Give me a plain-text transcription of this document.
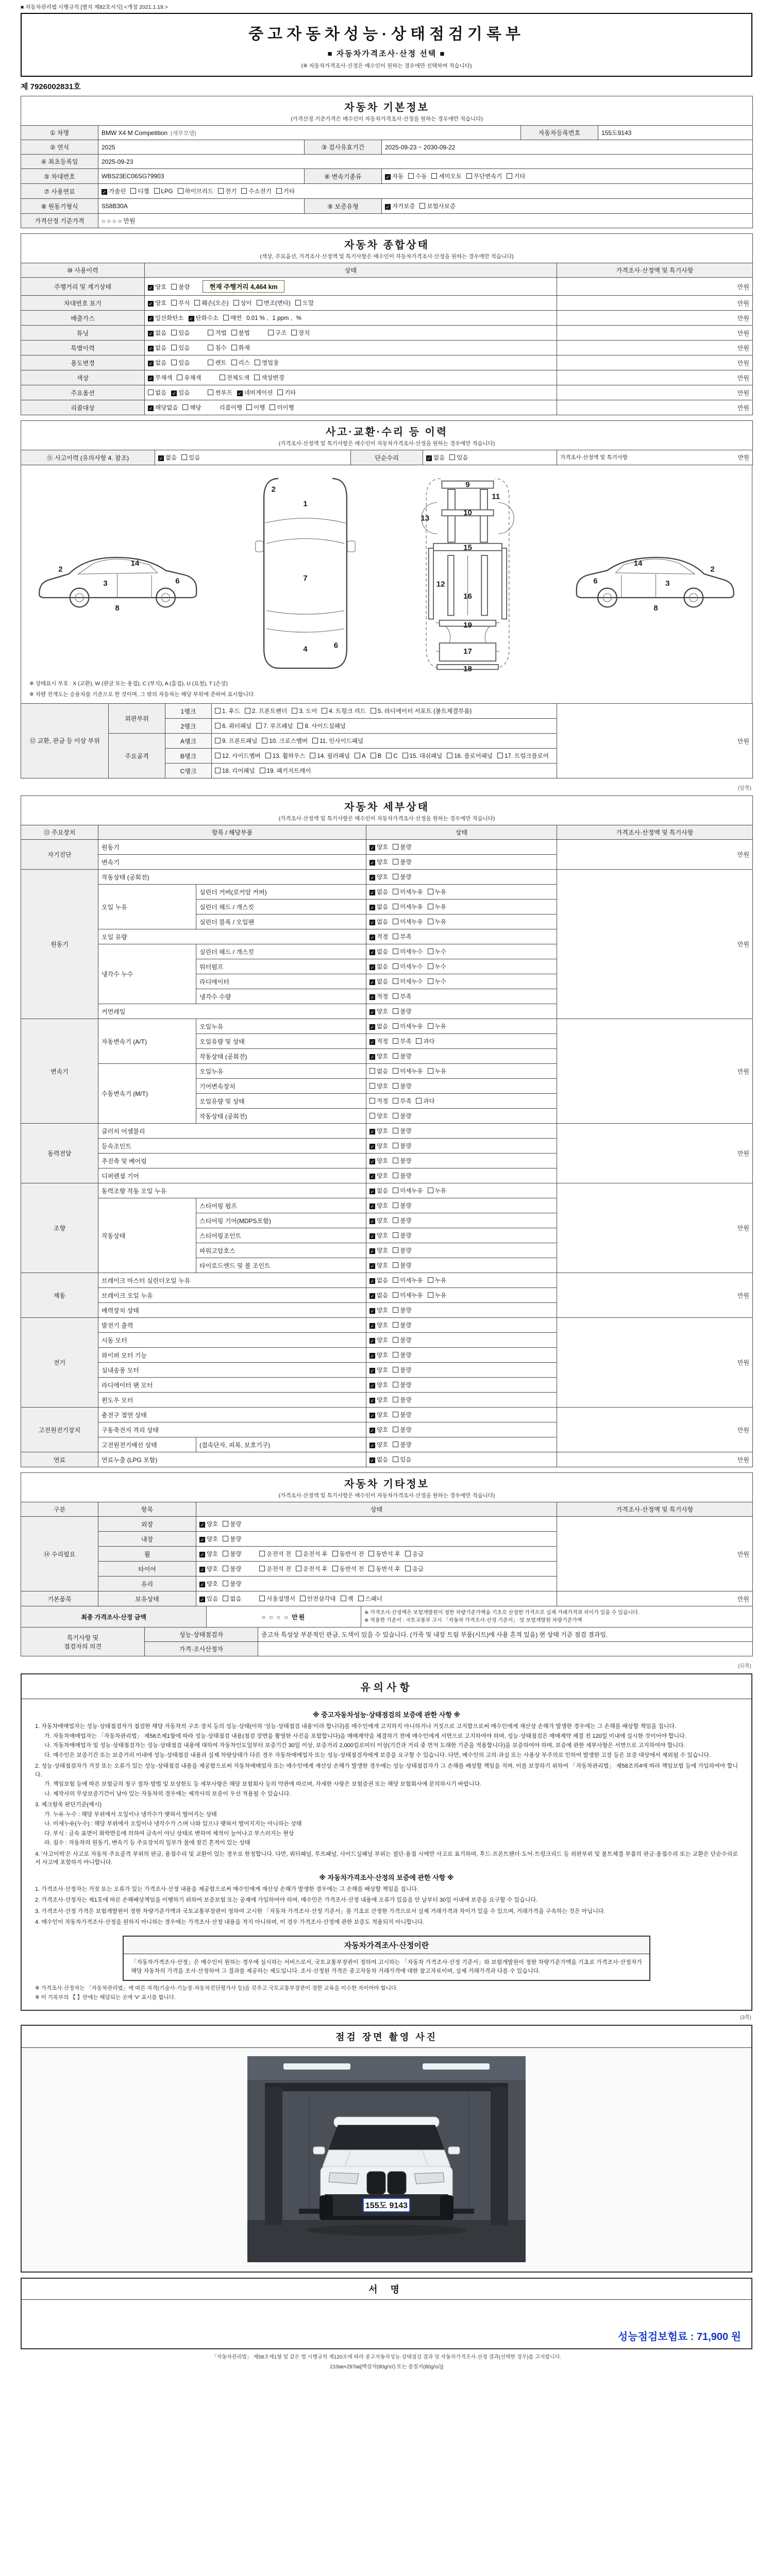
■ 자동차관리법 시행규칙 [별지 제82호서식] <개정 2021.1.19.>
중고자동차성능·상태점검기록부
■ 자동차가격조사·산정 선택 ■
(※ 자동차가격조사·산정은 매수인이 원하는 경우에만 선택하여 적습니다)
제 7926002831호
자동차 기본정보
(가격산정 기준가격은 매수인이 자동차가격조사·산정을 원하는 경우에만 적습니다)					

① 차명	BMW X4 M Competition (세부모델)			자동차등록번호	155도9143
② 연식	2025	③ 검사유효기간	2025-09-23 ~ 2030-09-22		
④ 최초등록일	2025-09-23				
⑤ 차대번호	WBS23EC06SG79903	⑥ 변속기종류	✓ 자동 수동 세미오토 무단변속기 기타		
⑦ 사용연료	✓ 가솔린 디젤 LPG 하이브리드 전기 수소전기 기타				
⑧ 원동기형식	S58B30A	⑨ 보증유형	✓ 자가보증 보험사보증		
가격산정 기준가격	○ ○ ○ ○ 만원				
자동차 종합상태
(색상, 주요옵션, 가격조사·산정액 및 특기사항은 매수인이 자동차가격조사·산정을 원하는 경우에만 적습니다)		

⑩ 사용이력	상태	가격조사·산정액 및 특기사항
주행거리 및 계기상태	✓ 양호 불량 현재 주행거리 4,464 km	만원
차대번호 표기	✓ 양호 부식 훼손(오손) 상이 변조(변타) 도말	만원
배출가스	✓ 일산화탄소 ✓ 탄화수소 매연 0.01 % , 1 ppm , %	만원
튜닝	✓ 없음 있음 적법 불법 구조 장치	만원
특별이력	✓ 없음 있음 침수 화재	만원
용도변경	✓ 없음 있음 렌트 리스 영업용	만원
색상	✓ 무채색 유채색 전체도색 색상변경	만원
주요옵션	없음 ✓ 있음 썬루프 ✓ 네비게이션 기타	만원
리콜대상	✓ 해당없음 해당 리콜이행 이행 미이행	만원
사고·교환·수리 등 이력
(가격조사·산정액 및 특기사항은 매수인이 자동차가격조사·산정을 원하는 경우에만 적습니다)

⑪ 사고이력 (유의사항 4. 참조)	✓ 없음 있음	단순수리	✓ 없음 있음	가격조사·산정액 및 특기사항	만원
2
3	6
8
14
1
2
7
4	6
9
10
11
13
15
12
16
19
17
18
2
3
6
8
14
※ 상태표시 부호 : X (교환), W (판금 또는 용접), C (부식), A (흠집), U (요철), T (손상)
※ 차량 전개도는 승용차를 기준으로 한 것이며, 그 밖의 자동차는 해당 부위에 준하여 표시합니다.
⑫ 교환, 판금 등 이상 부위	외판부위	1랭크	1. 후드 2. 프론트펜더 3. 도어 4. 트렁크 리드 5. 라디에이터 서포트 (볼트체결부품)	만원
		2랭크	6. 쿼터패널 7. 루프패널 8. 사이드실패널	
	주요골격	A랭크	9. 프론트패널 10. 크로스멤버 11. 인사이드패널	
		B랭크	12. 사이드멤버 13. 휠하우스 14. 필러패널 A B C 15. 대쉬패널 16. 플로어패널 17. 트렁크플로어	
		C랭크	18. 리어패널 19. 패키지트레이	
(앞쪽)
자동차 세부상태
(가격조사·산정액 및 특기사항은 매수인이 자동차가격조사·산정을 원하는 경우에만 적습니다)				

⑬ 주요장치	항목 / 해당부품		상태	가격조사·산정액 및 특기사항
자기진단	원동기		✓ 양호 불량	만원
	변속기		✓ 양호 불량	
원동기	작동상태 (공회전)		✓ 양호 불량	만원
	오일 누유	실린더 커버(로커암 커버)	✓ 없음 미세누유 누유	
		실린더 헤드 / 개스킷	✓ 없음 미세누유 누유	
		실린더 블록 / 오일팬	✓ 없음 미세누유 누유	
	오일 유량		✓ 적정 부족	
	냉각수 누수	실린더 헤드 / 개스킷	✓ 없음 미세누수 누수	
		워터펌프	✓ 없음 미세누수 누수	
		라디에이터	✓ 없음 미세누수 누수	
		냉각수 수량	✓ 적정 부족	
	커먼레일		✓ 양호 불량	
변속기	자동변속기 (A/T)	오일누유	✓ 없음 미세누유 누유	만원
		오일유량 및 상태	✓ 적정 부족 과다	
		작동상태 (공회전)	✓ 양호 불량	
	수동변속기 (M/T)	오일누유	없음 미세누유 누유	
		기어변속장치	양호 불량	
		오일유량 및 상태	적정 부족 과다	
		작동상태 (공회전)	양호 불량	
동력전달	클러치 어셈블리		✓ 양호 불량	만원
	등속조인트		✓ 양호 불량	
	추진축 및 베어링		✓ 양호 불량	
	디퍼렌셜 기어		✓ 양호 불량	
조향	동력조향 작동 오일 누유		✓ 없음 미세누유 누유	만원
	작동상태	스티어링 펌프	✓ 양호 불량	
		스티어링 기어(MDPS포함)	✓ 양호 불량	
		스티어링조인트	✓ 양호 불량	
		파워고압호스	✓ 양호 불량	
		타이로드엔드 및 볼 조인트	✓ 양호 불량	
제동	브레이크 마스터 실린더오일 누유		✓ 없음 미세누유 누유	만원
	브레이크 오일 누유		✓ 없음 미세누유 누유	
	배력장치 상태		✓ 양호 불량	
전기	발전기 출력		✓ 양호 불량	만원
	시동 모터		✓ 양호 불량	
	와이퍼 모터 기능		✓ 양호 불량	
	실내송풍 모터		✓ 양호 불량	
	라디에이터 팬 모터		✓ 양호 불량	
	윈도우 모터		✓ 양호 불량	
고전원전기장치	충전구 절연 상태		✓ 양호 불량	만원
	구동축전지 격리 상태		✓ 양호 불량	
	고전원전기배선 상태	(접속단자, 피복, 보호기구)	✓ 양호 불량	
연료	연료누출 (LPG 포함)		✓ 없음 있음	만원
자동차 기타정보
(가격조사·산정액 및 특기사항은 매수인이 자동차가격조사·산정을 원하는 경우에만 적습니다)			

구분	항목	상태	가격조사·산정액 및 특기사항
⑭ 수리필요	외장	✓ 양호 불량	만원
	내장	✓ 양호 불량	
	휠	✓ 양호 불량 운전석 전 운전석 후 동반석 전 동반석 후 응급	
	타이어	✓ 양호 불량 운전석 전 운전석 후 동반석 전 동반석 후 응급	
	유리	✓ 양호 불량	
기본품목	보유상태	✓ 있음 없음 사용설명서 안전삼각대 잭 스패너	만원
최종 가격조사·산정 금액	○ ○ ○ ○ 만원	
※ 가격조사·산정액은 보험개발원이 정한 차량기준가액을 기초로 산정한 가격으로 실제 거래가격과 차이가 있을 수 있습니다.
※ 적용한 기준서 : 국토교통부 고시 「자동차 가격조사·산정 기준서」 및 보험개발원 차량기준가액
특기사항 및
점검자의 의견	성능·상태점검자	중고차 특성상 부분적인 판금, 도색이 있을 수 있습니다. (가죽 및 내장 트림 부품(시트)에 사용 흔적 있음) 현 상태 기준 점검 결과임.
	가격·조사산정자	
(뒤쪽)
유의사항
※ 중고자동차성능·상태점검의 보증에 관한 사항 ※
1. 자동차매매업자는 성능·상태점검자가 점검한 해당 자동차의 구조·장치 등의 성능·상태(이하 '성능·상태점검 내용'이라 합니다)를 매수인에게 고지하지 아니하거나 거짓으로 고지함으로써 매수인에게 재산상 손해가 발생한 경우에는 그 손해를 배상할 책임을 집니다.
가. 자동차매매업자는 「자동차관리법」 제58조제1항에 따라 성능·상태점검 내용(점검 장면을 촬영한 사진을 포함합니다)을 매매계약을 체결하기 전에 매수인에게 서면으로 고지하여야 하며, 성능·상태점검은 매매계약 체결 전 120일 이내에 실시한 것이어야 합니다.
나. 자동차매매업자 및 성능·상태점검자는 성능·상태점검 내용에 대하여 자동차인도일부터 보증기간 30일 이상, 보증거리 2,000킬로미터 이상(기간과 거리 중 먼저 도래한 기준을 적용합니다)을 보증하여야 하며, 보증에 관한 세부사항은 서면으로 고지하여야 합니다.
다. 매수인은 보증기간 또는 보증거리 이내에 성능·상태점검 내용과 실제 차량상태가 다른 경우 자동차매매업자 또는 성능·상태점검자에게 보증을 요구할 수 있습니다. 다만, 매수인의 고의·과실 또는 사용상 부주의로 인하여 발생한 고장 등은 보증 대상에서 제외될 수 있습니다.
2. 성능·상태점검자가 거짓 또는 오류가 있는 성능·상태점검 내용을 제공함으로써 자동차매매업자 또는 매수인에게 재산상 손해가 발생한 경우에는 성능·상태점검자가 그 손해를 배상할 책임을 지며, 이를 보장하기 위하여 「자동차관리법」 제58조의4에 따라 책임보험 등에 가입하여야 합니다.
가. 책임보험 등에 따른 보험금의 청구 절차·방법 및 보상한도 등 세부사항은 해당 보험회사 등의 약관에 따르며, 자세한 사항은 보험증권 또는 해당 보험회사에 문의하시기 바랍니다.
나. 제작사의 무상보증기간이 남아 있는 자동차의 경우에는 제작사의 보증이 우선 적용될 수 있습니다.
3. 체크항목 판단기준(예시)
가. 누유·누수 : 해당 부위에서 오일이나 냉각수가 맺혀서 떨어지는 상태
나. 미세누유(누수) : 해당 부위에서 오일이나 냉각수가 스며 나와 있으나 맺혀서 떨어지지는 아니하는 상태
다. 부식 : 금속 표면이 화학반응에 의하여 금속이 아닌 상태로 변하여 체적이 늘어나고 부스러지는 현상
라. 침수 : 자동차의 원동기, 변속기 등 주요장치의 일부가 물에 잠긴 흔적이 있는 상태
4. '사고이력'은 사고로 자동차 주요골격 부위의 판금, 용접수리 및 교환이 있는 경우로 한정합니다. 다만, 쿼터패널, 루프패널, 사이드실패널 부위는 절단·용접 시에만 사고로 표기하며, 후드·프론트펜더·도어·트렁크리드 등 외판부위 및 볼트체결 부품의 판금·용접수리 또는 교환은 단순수리로서 사고에 포함하지 아니합니다.
※ 자동차가격조사·산정의 보증에 관한 사항 ※
1. 가격조사·산정자는 거짓 또는 오류가 있는 가격조사·산정 내용을 제공함으로써 매수인에게 재산상 손해가 발생한 경우에는 그 손해를 배상할 책임을 집니다.
2. 가격조사·산정자는 제1호에 따른 손해배상책임을 이행하기 위하여 보증보험 또는 공제에 가입하여야 하며, 매수인은 가격조사·산정 내용에 오류가 있음을 안 날부터 30일 이내에 보증을 요구할 수 있습니다.
3. 가격조사·산정 가격은 보험개발원이 정한 차량기준가액과 국토교통부장관이 정하여 고시한 「자동차 가격조사·산정 기준서」를 기초로 산정한 가격으로서 실제 거래가격과 차이가 있을 수 있으며, 거래가격을 구속하는 것은 아닙니다.
4. 매수인이 자동차가격조사·산정을 원하지 아니하는 경우에는 가격조사·산정 내용을 적지 아니하며, 이 경우 가격조사·산정에 관한 보증도 적용되지 아니합니다.
자동차가격조사·산정이란
「자동차가격조사·산정」은 매수인이 원하는 경우에 실시하는 서비스로서, 국토교통부장관이 정하여 고시하는 「자동차 가격조사·산정 기준서」와 보험개발원이 정한 차량기준가액을 기초로 가격조사·산정자가 해당 자동차의 가격을 조사·산정하여 그 결과를 제공하는 제도입니다. 조사·산정된 가격은 중고자동차 거래가격에 대한 참고자료이며, 실제 거래가격과 다를 수 있습니다.
※ 가격조사·산정자는 「자동차관리법」에 따른 자격(기술사·기능장·자동차진단평가사 등)을 갖추고 국토교통부장관이 정한 교육을 이수한 자이어야 합니다.
※ 이 기록부의 【 】란에는 해당되는 곳에 'V' 표시를 합니다.
(3쪽)
점검 장면 촬영 사진
155도 9143
서 명
성능점검보험료 : 71,900 원
「자동차관리법」 제58조제1항 및 같은 법 시행규칙 제120조에 따라 중고자동차성능·상태점검 결과 및 자동차가격조사·산정 결과(선택한 경우)를 고지합니다.
210㎜×297㎜[백상지(80g/㎡) 또는 중질지(80g/㎡)]
